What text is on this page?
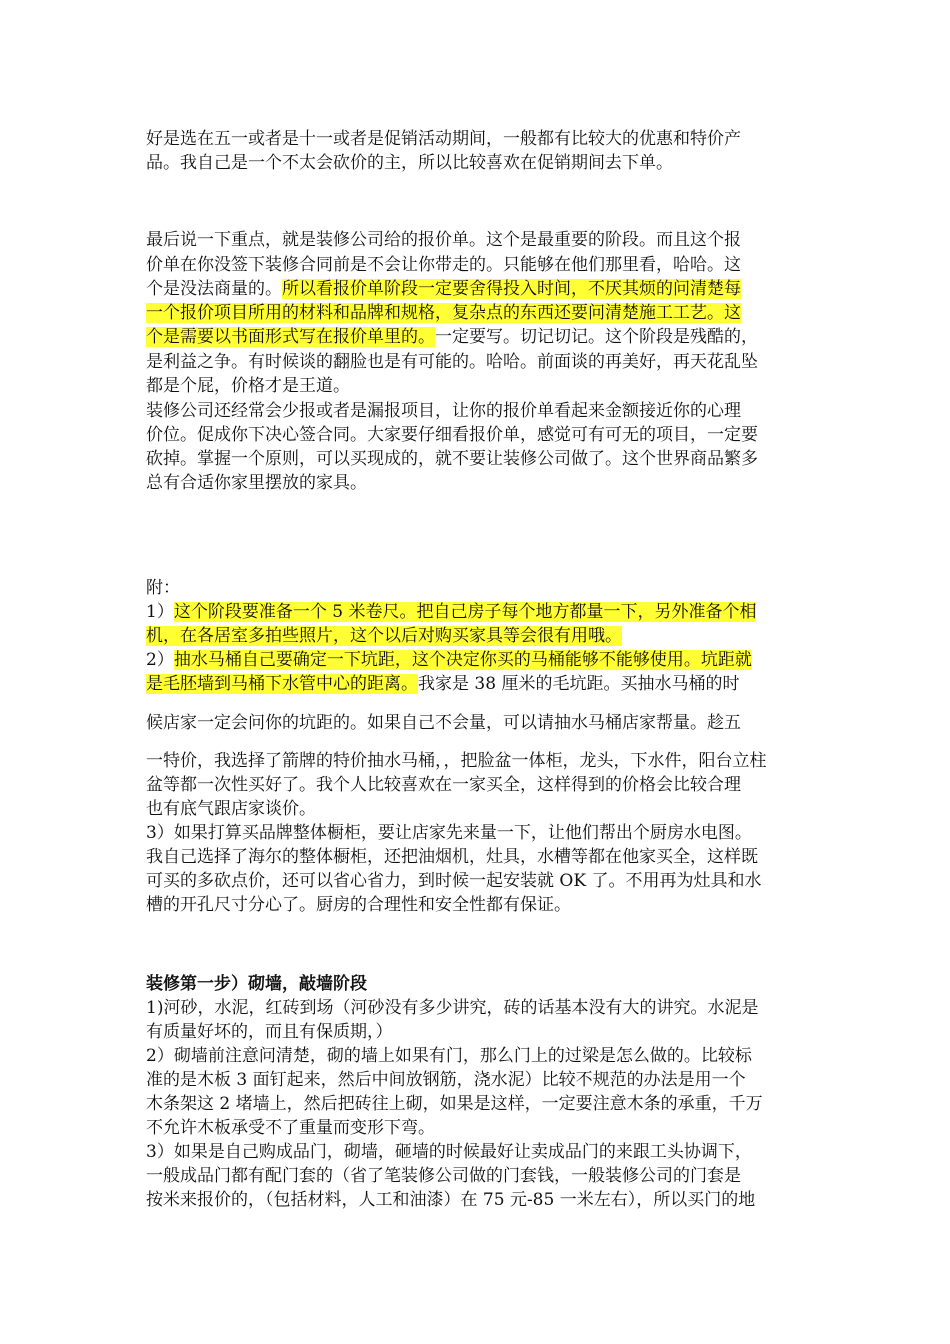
好是选在五一或者是十一或者是促销活动期间，一般都有比较大的优惠和特价产
品。我自己是一个不太会砍价的主，所以比较喜欢在促销期间去下单。
最后说一下重点，就是装修公司给的报价单。这个是最重要的阶段。而且这个报
价单在你没签下装修合同前是不会让你带走的。只能够在他们那里看，哈哈。这
个是没法商量的。所以看报价单阶段一定要舍得投入时间，不厌其烦的问清楚每
一个报价项目所用的材料和品牌和规格，复杂点的东西还要问清楚施工工艺。这
个是需要以书面形式写在报价单里的。一定要写。切记切记。这个阶段是残酷的，
是利益之争。有时候谈的翻脸也是有可能的。哈哈。前面谈的再美好，再天花乱坠
都是个屁，价格才是王道。
装修公司还经常会少报或者是漏报项目，让你的报价单看起来金额接近你的心理
价位。促成你下决心签合同。大家要仔细看报价单，感觉可有可无的项目，一定要
砍掉。掌握一个原则，可以买现成的，就不要让装修公司做了。这个世界商品繁多
总有合适你家里摆放的家具。
附：
1）这个阶段要准备一个 5 米卷尺。把自己房子每个地方都量一下，另外准备个相
机，在各居室多拍些照片，这个以后对购买家具等会很有用哦。
2）抽水马桶自己要确定一下坑距，这个决定你买的马桶能够不能够使用。坑距就
是毛胚墙到马桶下水管中心的距离。我家是 38 厘米的毛坑距。买抽水马桶的时
候店家一定会问你的坑距的。如果自己不会量，可以请抽水马桶店家帮量。趁五
一特价，我选择了箭牌的特价抽水马桶，，把脸盆一体柜，龙头，下水件，阳台立柱
盆等都一次性买好了。我个人比较喜欢在一家买全，这样得到的价格会比较合理
也有底气跟店家谈价。
3）如果打算买品牌整体橱柜，要让店家先来量一下，让他们帮出个厨房水电图。
我自己选择了海尔的整体橱柜，还把油烟机，灶具，水槽等都在他家买全，这样既
可买的多砍点价，还可以省心省力，到时候一起安装就 OK 了。不用再为灶具和水
槽的开孔尺寸分心了。厨房的合理性和安全性都有保证。
装修第一步）砌墙，敲墙阶段
1)河砂，水泥，红砖到场（河砂没有多少讲究，砖的话基本没有大的讲究。水泥是
有质量好坏的，而且有保质期，）
2）砌墙前注意问清楚，砌的墙上如果有门，那么门上的过梁是怎么做的。比较标
准的是木板 3 面钉起来，然后中间放钢筋，浇水泥）比较不规范的办法是用一个
木条架这 2 堵墙上，然后把砖往上砌，如果是这样，一定要注意木条的承重，千万
不允许木板承受不了重量而变形下弯。
3）如果是自己购成品门，砌墙，砸墙的时候最好让卖成品门的来跟工头协调下，
一般成品门都有配门套的（省了笔装修公司做的门套钱，一般装修公司的门套是
按米来报价的，（包括材料，人工和油漆）在 75 元-85 一米左右），所以买门的地
